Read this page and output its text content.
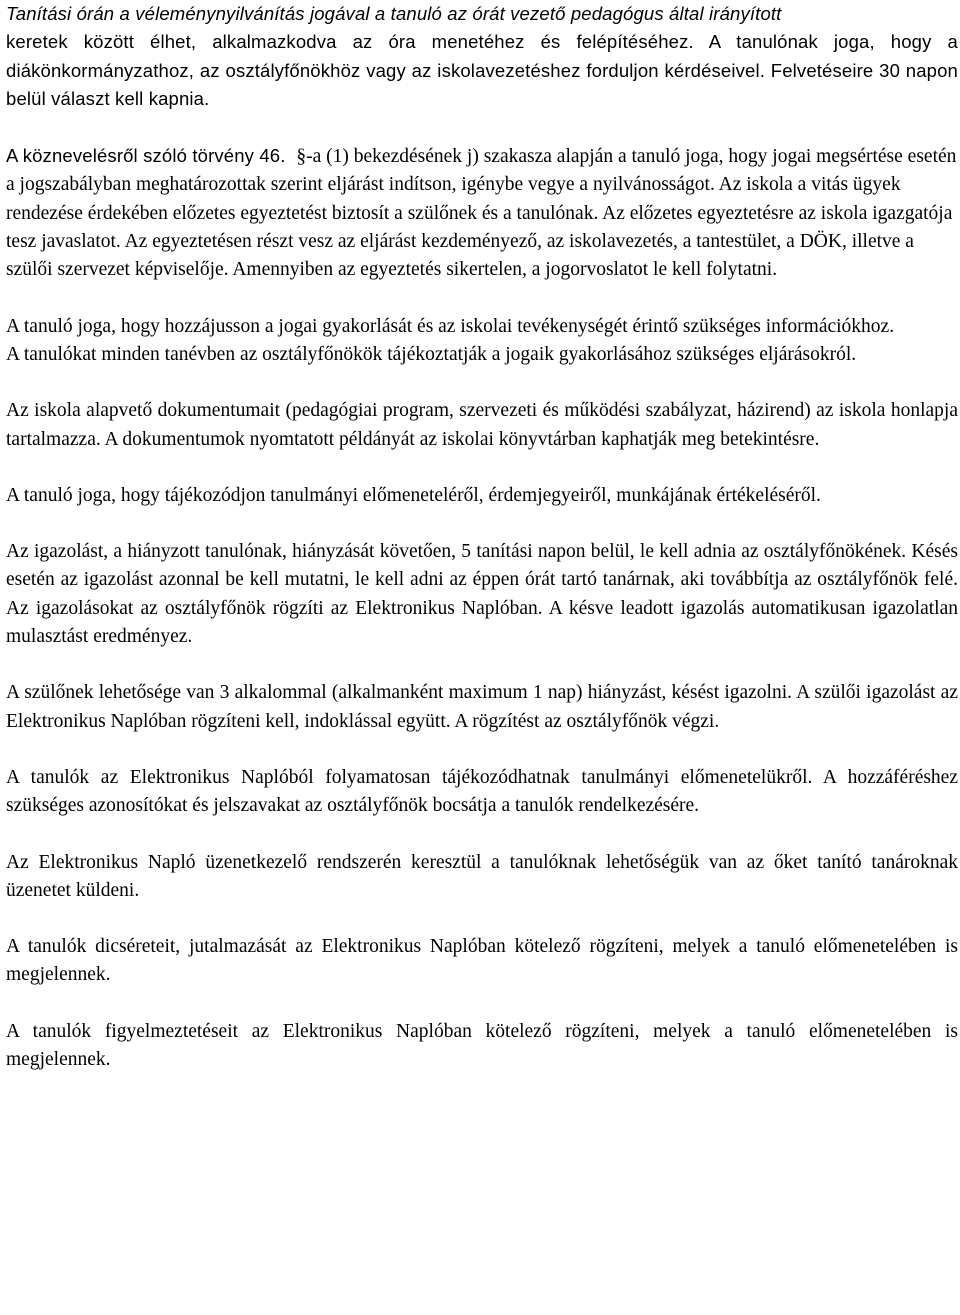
Tanítási órán a véleménynyilvánítás jogával a tanuló az órát vezető pedagógus által irányított

keretek között élhet, alkalmazkodva az óra menetéhez és felépítéséhez. A tanulónak joga, hogy a diákönkormányzathoz, az osztályfőnökhöz vagy az iskolavezetéshez forduljon kérdéseivel. Felvetéseire 30 napon belül választ kell kapnia.

A köznevelésről szóló törvény 46.

§-a (1) bekezdésének j) szakasza alapján a tanuló joga, hogy jogai megsértése esetén a jogszabályban meghatározottak szerint eljárást indítson, igénybe vegye a nyilvánosságot. Az iskola a vitás ügyek rendezése érdekében előzetes egyeztetést biztosít a szülőnek és a tanulónak. Az előzetes egyeztetésre az iskola igazgatója tesz javaslatot. Az egyeztetésen részt vesz az eljárást kezdeményező, az iskolavezetés, a tantestület, a DÖK, illetve a szülői szervezet képviselője. Amennyiben az egyeztetés sikertelen, a jogorvoslatot le kell folytatni.

A tanuló joga, hogy hozzájusson a jogai gyakorlását és az iskolai tevékenységét érintő szükséges információkhoz.

A tanulókat minden tanévben az osztályfőnökök tájékoztatják a jogaik gyakorlásához szükséges eljárásokról.

Az iskola alapvető dokumentumait (pedagógiai program, szervezeti és működési szabályzat, házirend) az iskola honlapja tartalmazza. A dokumentumok nyomtatott példányát az iskolai könyvtárban kaphatják meg betekintésre.

A tanuló joga, hogy tájékozódjon tanulmányi előmeneteléről, érdemjegyeiről, munkájának értékeléséről.

Az igazolást, a hiányzott tanulónak, hiányzását követően, 5 tanítási napon belül, le kell adnia az osztályfőnökének. Késés esetén az igazolást azonnal be kell mutatni, le kell adni az éppen órát tartó tanárnak, aki továbbítja az osztályfőnök felé. Az igazolásokat az osztályfőnök rögzíti az Elektronikus Naplóban. A késve leadott igazolás automatikusan igazolatlan mulasztást eredményez.

A szülőnek lehetősége van 3 alkalommal (alkalmanként maximum 1 nap) hiányzást, késést igazolni. A szülői igazolást az Elektronikus Naplóban rögzíteni kell, indoklással együtt. A rögzítést az osztályfőnök végzi.

A tanulók az Elektronikus Naplóból folyamatosan tájékozódhatnak tanulmányi előmenetelükről. A hozzáféréshez szükséges azonosítókat és jelszavakat az osztályfőnök bocsátja a tanulók rendelkezésére.

Az Elektronikus Napló üzenetkezelő rendszerén keresztül a tanulóknak lehetőségük van az őket tanító tanároknak üzenetet küldeni.

A tanulók dicséreteit, jutalmazását az Elektronikus Naplóban kötelező rögzíteni, melyek a tanuló előmenetelében is megjelennek.

A tanulók figyelmeztetéseit az Elektronikus Naplóban kötelező rögzíteni, melyek a tanuló előmenetelében is megjelennek.
